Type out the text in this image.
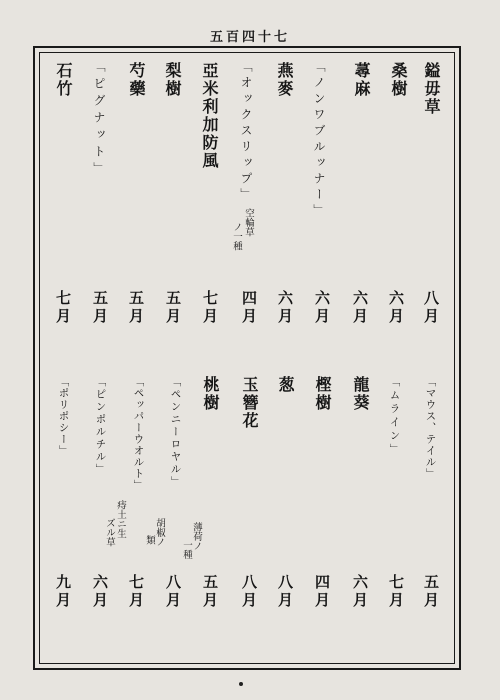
五百四十七
鎰毋草
桑樹
蕁麻
「ノンワブルッナー」
燕麥
「オックスリップ」
ノ一種 空輪草
亞米利加防風
梨樹
芍藥
「ピグナット」
石竹
八月
六月
六月
六月
六月
四月
七月
五月
五月
五月
七月
「マウス、テイル」
「ムライン」
龍葵
樫樹
葱
玉簪花
桃樹
「ペンニーロヤル」
薄荷ノ
一種
「ペッパーウオルト」
胡椒ノ
類
「ピンポルチル」
痔土ニ生
ズル草
「ポリポシー」
五月
七月
六月
四月
八月
八月
五月
八月
七月
六月
九月
